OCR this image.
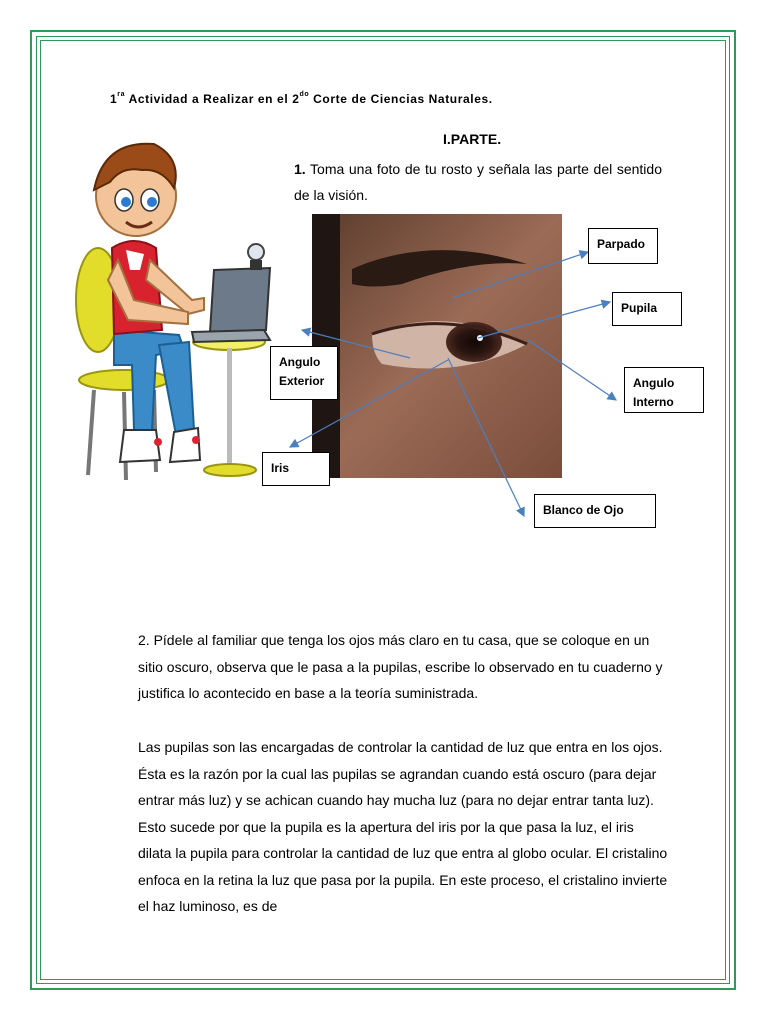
$1^{ra}$ Actividad a Realizar en el $2^{do}$ Corte de Ciencias Naturales.
I.PARTE.
1. Toma una foto de tu rosto y señala las parte del sentido de la visión.
Parpado
Pupila
Angulo Exterior	Angulo Interno
Iris
Blanco de Ojo
2. Pídele al familiar que tenga los ojos más claro en tu casa, que se coloque en un sitio oscuro, observa que le pasa a la pupilas, escribe lo observado en tu cuaderno y justifica lo acontecido en base a la teoría suministrada.
Las pupilas son las encargadas de controlar la cantidad de luz que entra en los ojos. Ésta es la razón por la cual las pupilas se agrandan cuando está oscuro (para dejar entrar más luz) y se achican cuando hay mucha luz (para no dejar entrar tanta luz). Esto sucede por que la pupila es la apertura del iris por la que pasa la luz, el iris dilata la pupila para controlar la cantidad de luz que entra al globo ocular. El cristalino enfoca en la retina la luz que pasa por la pupila. En este proceso, el cristalino invierte el haz luminoso, es de
